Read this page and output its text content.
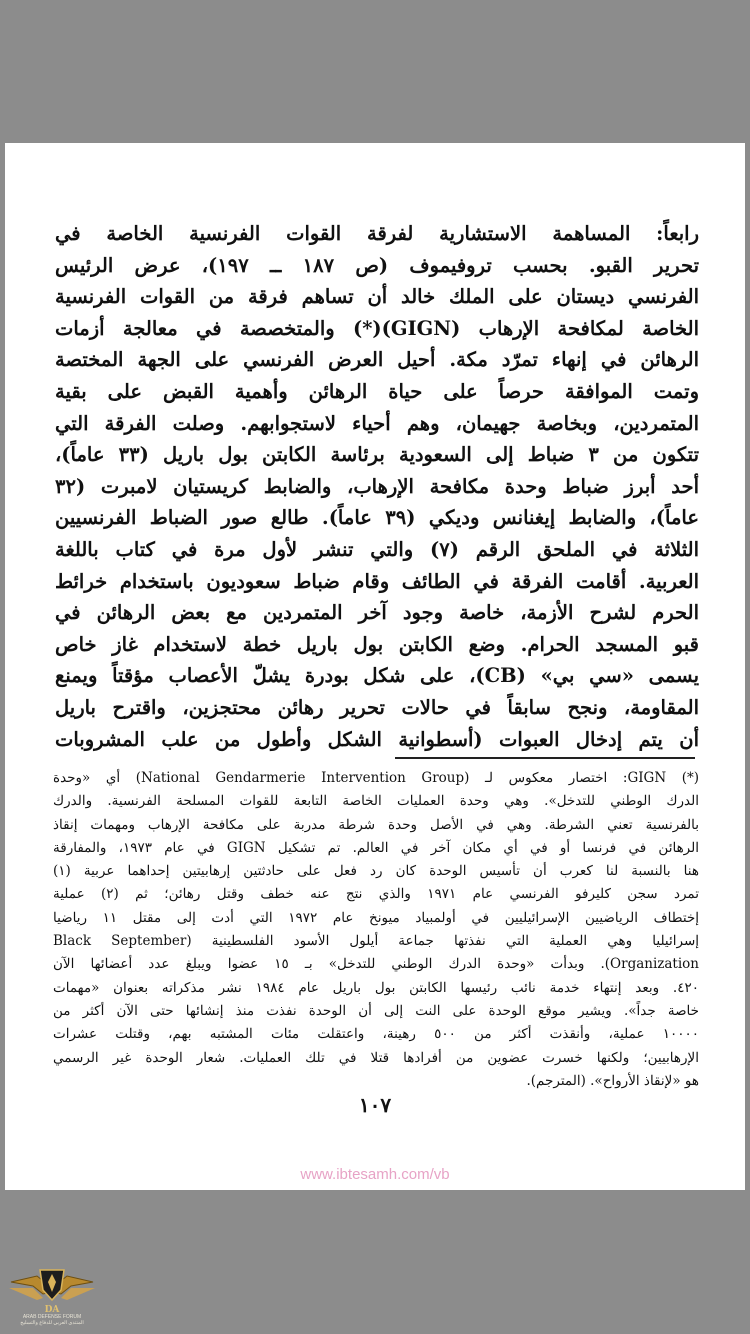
رابعاً: المساهمة الاستشارية لفرقة القوات الفرنسية الخاصة في
تحرير القبو. بحسب تروفيموف (ص ١٨٧ ــ ١٩٧)، عرض الرئيس
الفرنسي ديستان على الملك خالد أن تساهم فرقة من القوات الفرنسية
الخاصة لمكافحة الإرهاب (GIGN)(*) والمتخصصة في معالجة أزمات
الرهائن في إنهاء تمرّد مكة. أحيل العرض الفرنسي على الجهة المختصة
وتمت الموافقة حرصاً على حياة الرهائن وأهمية القبض على بقية
المتمردين، وبخاصة جهيمان، وهم أحياء لاستجوابهم. وصلت الفرقة التي
تتكون من ٣ ضباط إلى السعودية برئاسة الكابتن بول باريل (٣٣ عاماً)،
أحد أبرز ضباط وحدة مكافحة الإرهاب، والضابط كريستيان لامبرت (٣٢
عاماً)، والضابط إيغنانس وديكي (٣٩ عاماً). طالع صور الضباط الفرنسيين
الثلاثة في الملحق الرقم (٧) والتي تنشر لأول مرة في كتاب باللغة
العربية. أقامت الفرقة في الطائف وقام ضباط سعوديون باستخدام خرائط
الحرم لشرح الأزمة، خاصة وجود آخر المتمردين مع بعض الرهائن في
قبو المسجد الحرام. وضع الكابتن بول باريل خطة لاستخدام غاز خاص
يسمى «سي بي» (CB)، على شكل بودرة يشلّ الأعصاب مؤقتاً ويمنع
المقاومة، ونجح سابقاً في حالات تحرير رهائن محتجزين، واقترح باريل
أن يتم إدخال العبوات (أسطوانية الشكل وأطول من علب المشروبات
(*) GIGN: اختصار معكوس لـ (National Gendarmerie Intervention Group) أي «وحدة
الدرك الوطني للتدخل». وهي وحدة العمليات الخاصة التابعة للقوات المسلحة الفرنسية. والدرك
بالفرنسية تعني الشرطة. وهي في الأصل وحدة شرطة مدربة على مكافحة الإرهاب ومهمات إنقاذ
الرهائن في فرنسا أو في أي مكان آخر في العالم. تم تشكيل GIGN في عام ١٩٧٣، والمفارقة
هنا بالنسبة لنا كعرب أن تأسيس الوحدة كان رد فعل على حادثتين إرهابيتين إحداهما عربية (١)
تمرد سجن كليرفو الفرنسي عام ١٩٧١ والذي نتج عنه خطف وقتل رهائن؛ ثم (٢) عملية
إختطاف الرياضيين الإسرائيليين في أولمبياد ميونخ عام ١٩٧٢ التي أدت إلى مقتل ١١ رياضيا
إسرائيليا وهي العملية التي نفذتها جماعة أيلول الأسود الفلسطينية (Black September
Organization). وبدأت «وحدة الدرك الوطني للتدخل» بـ ١٥ عضوا ويبلغ عدد أعضائها الآن
٤٢٠. وبعد إنتهاء خدمة نائب رئيسها الكابتن بول باريل عام ١٩٨٤ نشر مذكراته بعنوان «مهمات
خاصة جداً». ويشير موقع الوحدة على النت إلى أن الوحدة نفذت منذ إنشائها حتى الآن أكثر من
١٠٠٠٠ عملية، وأنقذت أكثر من ٥٠٠ رهينة، واعتقلت مئات المشتبه بهم، وقتلت عشرات
الإرهابيين؛ ولكنها خسرت عضوين من أفرادها قتلا في تلك العمليات. شعار الوحدة غير الرسمي
هو «لإنقاذ الأرواح». (المترجم).
١٠٧
www.ibtesamh.com/vb
DA
ARAB DEFENSE FORUM
المنتدى العربي للدفاع والتسليح
